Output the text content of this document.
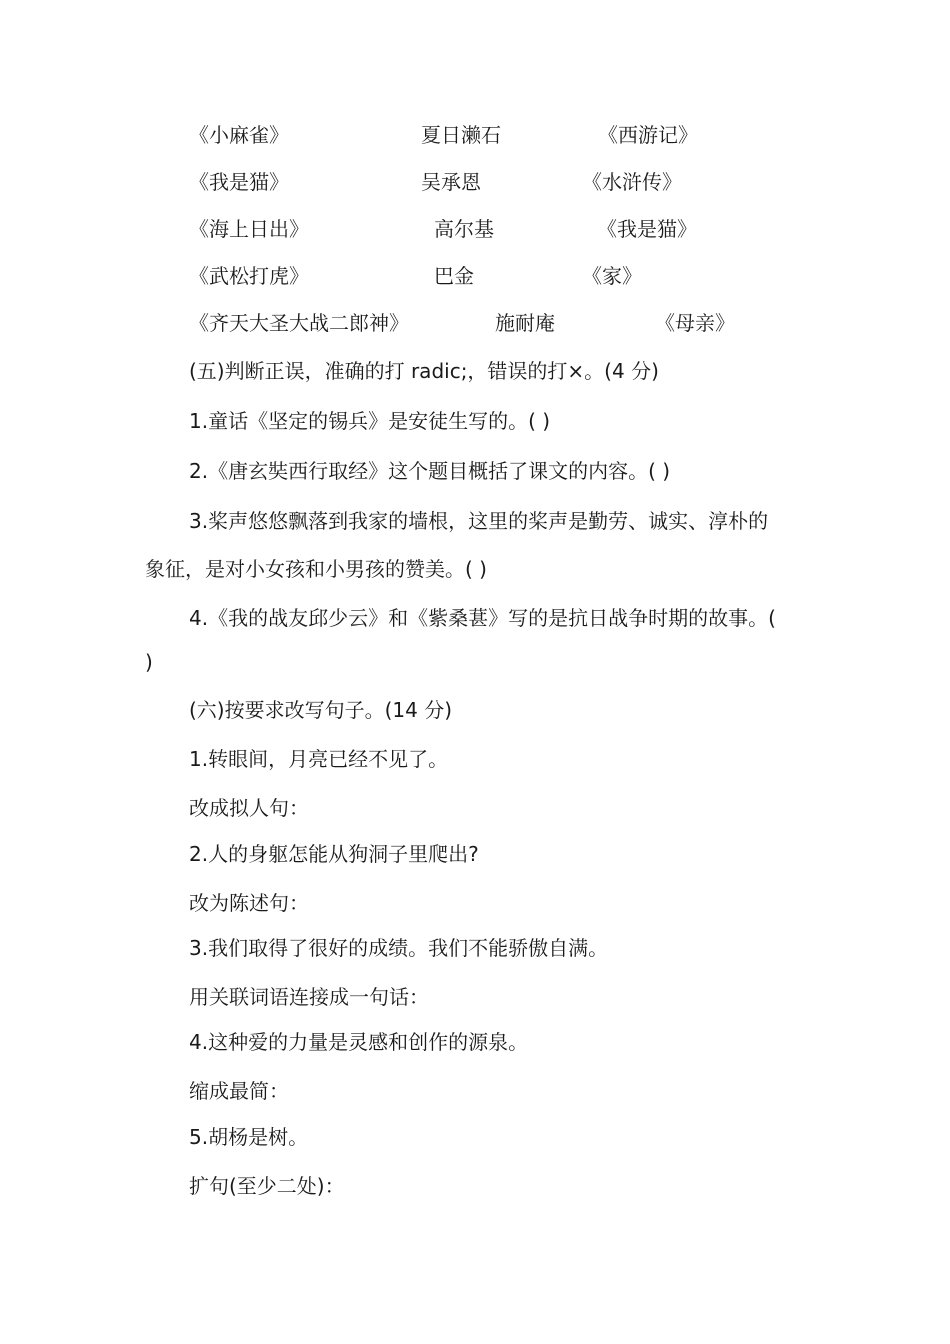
《小麻雀》	夏日濑石	《西游记》
《我是猫》	吴承恩	《水浒传》
《海上日出》	高尔基	《我是猫》
《武松打虎》	巴金	《家》
《齐天大圣大战二郎神》	施耐庵	《母亲》
(五)判断正误，准确的打 radic;，错误的打×。(4 分)
1.童话《坚定的锡兵》是安徒生写的。( )
2.《唐玄奘西行取经》这个题目概括了课文的内容。( )
3.桨声悠悠飘落到我家的墙根，这里的桨声是勤劳、诚实、淳朴的
象征，是对小女孩和小男孩的赞美。( )
4.《我的战友邱少云》和《紫桑葚》写的是抗日战争时期的故事。(
)
(六)按要求改写句子。(14 分)
1.转眼间，月亮已经不见了。
改成拟人句：
2.人的身躯怎能从狗洞子里爬出?
改为陈述句：
3.我们取得了很好的成绩。我们不能骄傲自满。
用关联词语连接成一句话：
4.这种爱的力量是灵感和创作的源泉。
缩成最简：
5.胡杨是树。
扩句(至少二处)：
